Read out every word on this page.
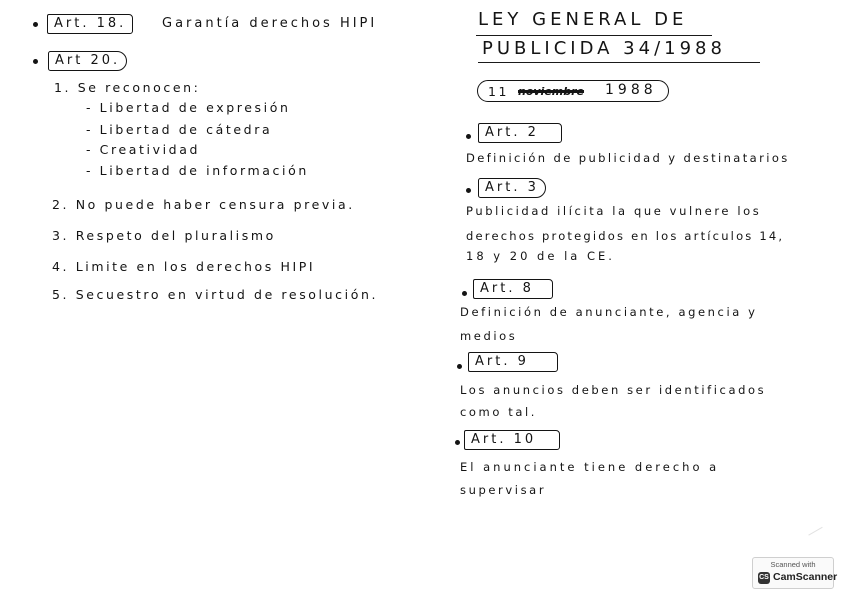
Art. 18.	Garantía derechos HIPI
Art 20.
1. Se reconocen:
- Libertad de expresión
- Libertad de cátedra
- Creatividad
- Libertad de información
2. No puede haber censura previa.
3. Respeto del pluralismo
4. Limite en los derechos HIPI
5. Secuestro en virtud de resolución.
LEY GENERAL DE
PUBLICIDA 34/1988
11 noviembre 1988
Art. 2
Definición de publicidad y destinatarios
Art. 3
Publicidad ilícita la que vulnere los
derechos protegidos en los artículos 14,
18 y 20 de la CE.
Art. 8
Definición de anunciante, agencia y
medios
Art. 9
Los anuncios deben ser identificados
como tal.
Art. 10
El anunciante tiene derecho a
supervisar
Scanned with
CS CamScanner
